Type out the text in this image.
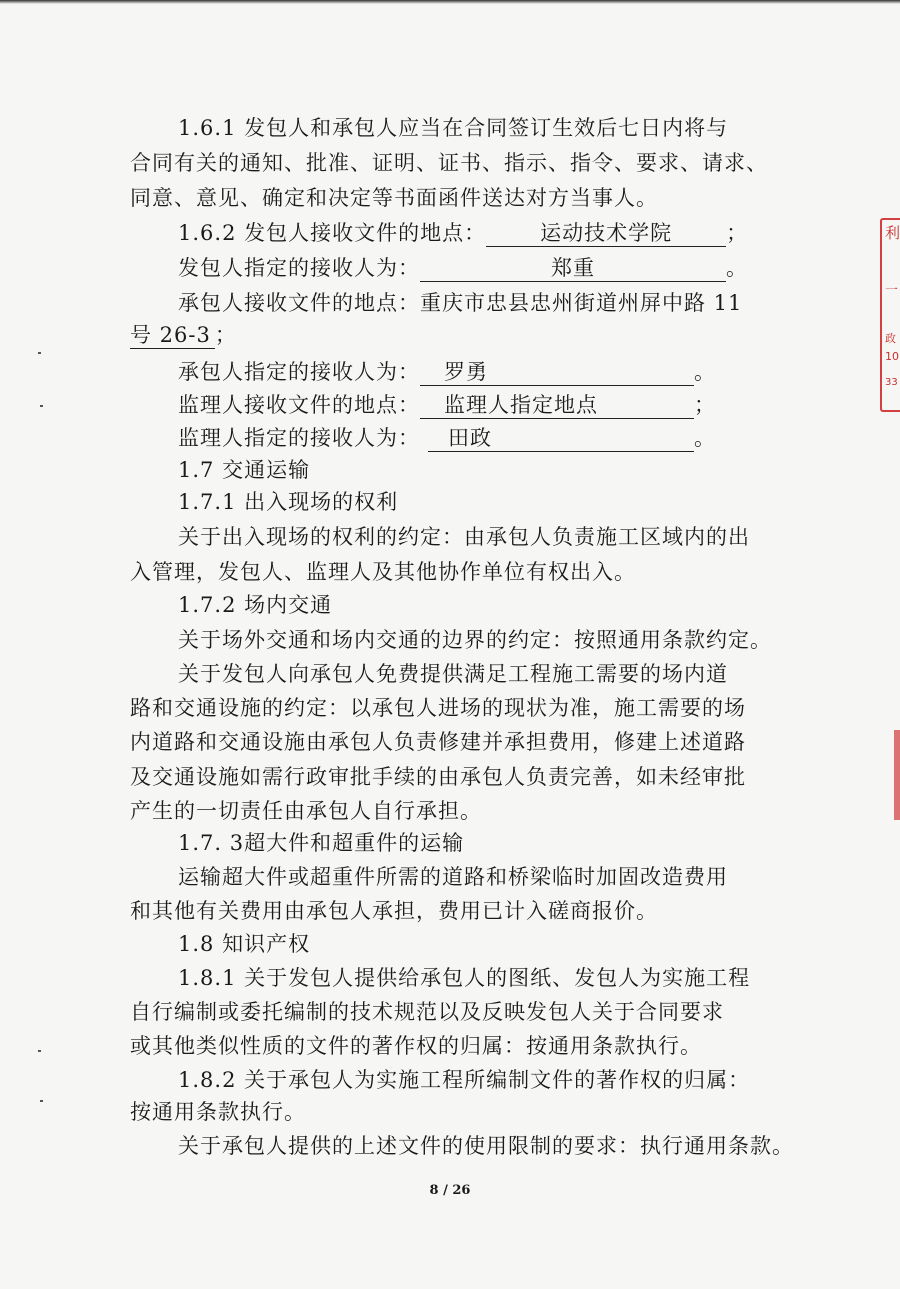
1.6.1 发包人和承包人应当在合同签订生效后七日内将与
合同有关的通知、批准、证明、证书、指示、指令、要求、请求、
同意、意见、确定和决定等书面函件送达对方当事人。
1.6.2 发包人接收文件的地点：	运动技术学院	；
发包人指定的接收人为：	郑重	。
承包人接收文件的地点：重庆市忠县忠州街道州屏中路 11
号 26-3 ；
承包人指定的接收人为： 罗勇	。
监理人接收文件的地点： 监理人指定地点	；
监理人指定的接收人为： 田政	。
1.7 交通运输
1.7.1 出入现场的权利
关于出入现场的权利的约定：由承包人负责施工区域内的出
入管理，发包人、监理人及其他协作单位有权出入。
1.7.2 场内交通
关于场外交通和场内交通的边界的约定：按照通用条款约定。
关于发包人向承包人免费提供满足工程施工需要的场内道
路和交通设施的约定：以承包人进场的现状为准，施工需要的场
内道路和交通设施由承包人负责修建并承担费用，修建上述道路
及交通设施如需行政审批手续的由承包人负责完善，如未经审批
产生的一切责任由承包人自行承担。
1.7. 3超大件和超重件的运输
运输超大件或超重件所需的道路和桥梁临时加固改造费用
和其他有关费用由承包人承担，费用已计入磋商报价。
1.8 知识产权
1.8.1 关于发包人提供给承包人的图纸、发包人为实施工程
自行编制或委托编制的技术规范以及反映发包人关于合同要求
或其他类似性质的文件的著作权的归属：按通用条款执行。
1.8.2 关于承包人为实施工程所编制文件的著作权的归属：
按通用条款执行。
关于承包人提供的上述文件的使用限制的要求：执行通用条款。
8 / 26
利
一
政
10
33
